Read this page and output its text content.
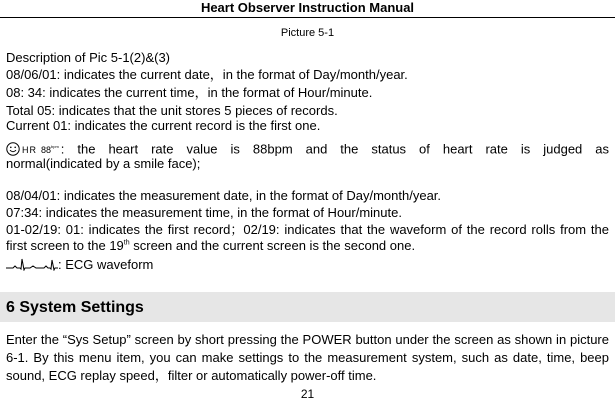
Heart Observer Instruction Manual
Picture 5-1
Description of Pic 5-1(2)&(3)
08/06/01: indicates the current date，in the format of Day/month/year.
08: 34: indicates the current time，in the format of Hour/minute.
Total 05: indicates that the unit stores 5 pieces of records.
Current 01: indicates the current record is the first one.
HR $88^{bpm}$ : the heart rate value is 88bpm and the status of heart rate is judged as
normal(indicated by a smile face);
08/04/01: indicates the measurement date, in the format of Day/month/year.
07:34: indicates the measurement time, in the format of Hour/minute.
01-02/19: 01: indicates the first record；02/19: indicates that the waveform of the record rolls from the
first screen to the 19th screen and the current screen is the second one.
: ECG waveform
6 System Settings
Enter the “Sys Setup” screen by short pressing the POWER button under the screen as shown in picture 6-1. By this menu item, you can make settings to the measurement system, such as date, time, beep sound, ECG replay speed，filter or automatically power-off time.
21
